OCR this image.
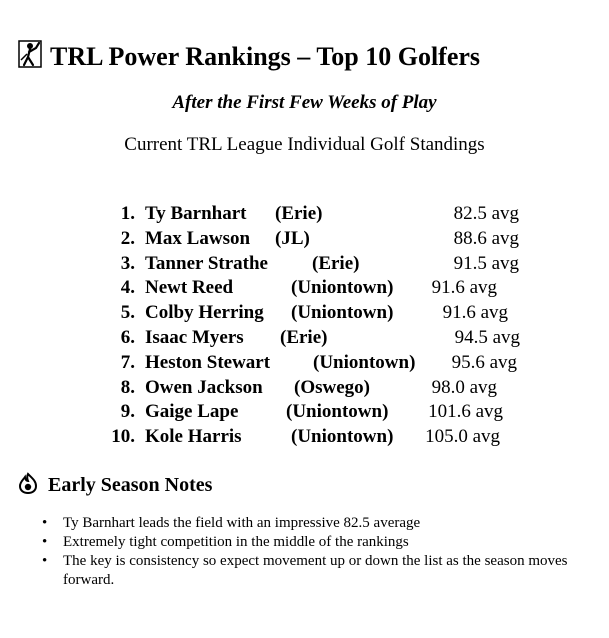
TRL Power Rankings – Top 10 Golfers
After the First Few Weeks of Play
Current TRL League Individual Golf Standings
1. Ty Barnhart (Erie)	82.5 avg
2. Max Lawson (JL)	88.6 avg
3. Tanner Strathe (Erie)	91.5 avg
4. Newt Reed	(Uniontown) 91.6 avg
5. Colby Herring (Uniontown)	91.6 avg
6. Isaac Myers (Erie)	94.5 avg
7. Heston Stewart (Uniontown) 95.6 avg
8. Owen Jackson (Oswego)	98.0 avg
9. Gaige Lape	(Uniontown) 101.6 avg
10. Kole Harris	(Uniontown) 105.0 avg
Early Season Notes
• Ty Barnhart leads the field with an impressive 82.5 average
• Extremely tight competition in the middle of the rankings
• The key is consistency so expect movement up or down the list as the season moves forward.
